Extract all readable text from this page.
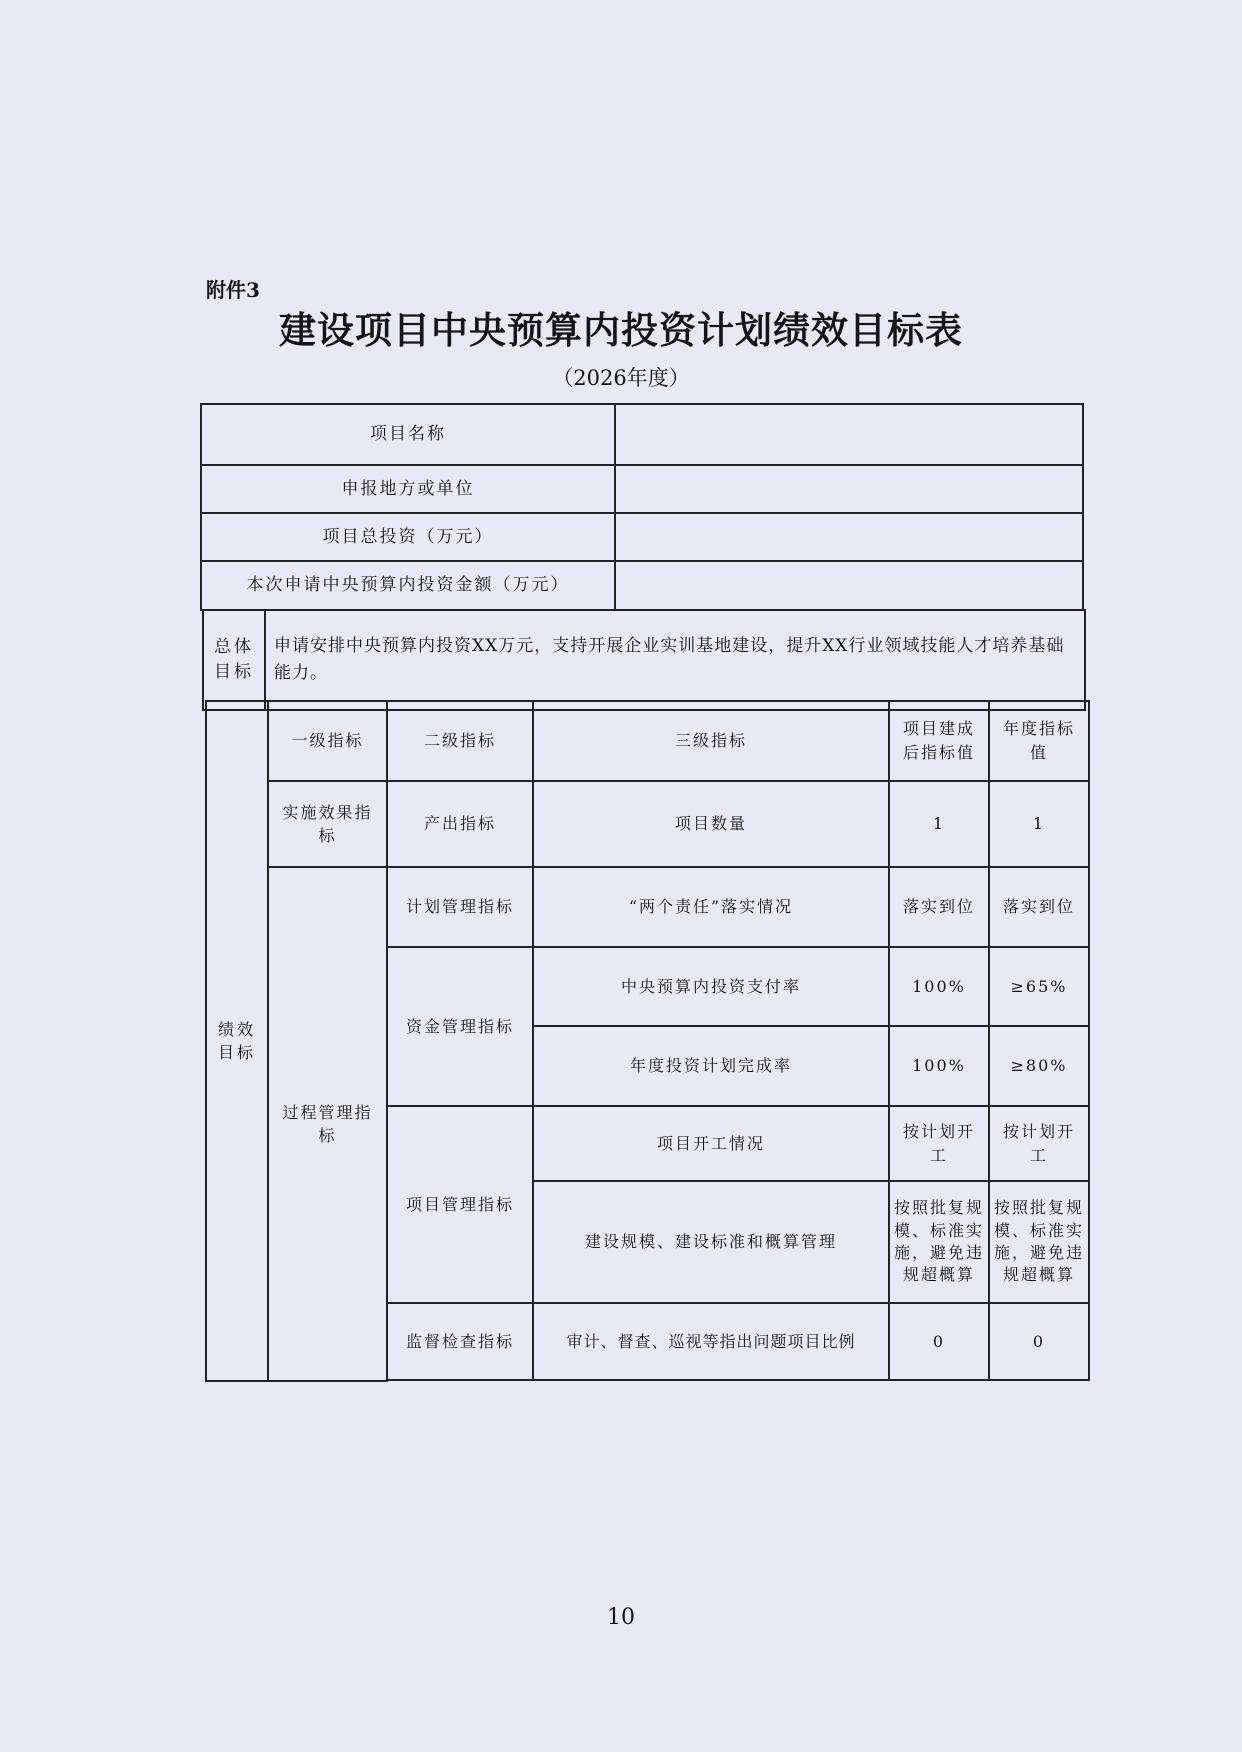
附件3
建设项目中央预算内投资计划绩效目标表
（2026年度）
项目名称	
申报地方或单位	
项目总投资（万元）	
本次申请中央预算内投资金额（万元）	
总体目标	申请安排中央预算内投资XX万元，支持开展企业实训基地建设，提升XX行业领域技能人才培养基础能力。
绩效目标	一级指标	二级指标	三级指标	项目建成后指标值	年度指标值
	实施效果指标	产出指标	项目数量	1	1
	过程管理指标	计划管理指标	“两个责任”落实情况	落实到位	落实到位
		资金管理指标	中央预算内投资支付率	100%	≥65%
			年度投资计划完成率	100%	≥80%
		项目管理指标	项目开工情况	按计划开工	按计划开工
			建设规模、建设标准和概算管理	按照批复规模、标准实施，避免违规超概算	按照批复规模、标准实施，避免违规超概算
		监督检查指标	审计、督查、巡视等指出问题项目比例	0	0

10
